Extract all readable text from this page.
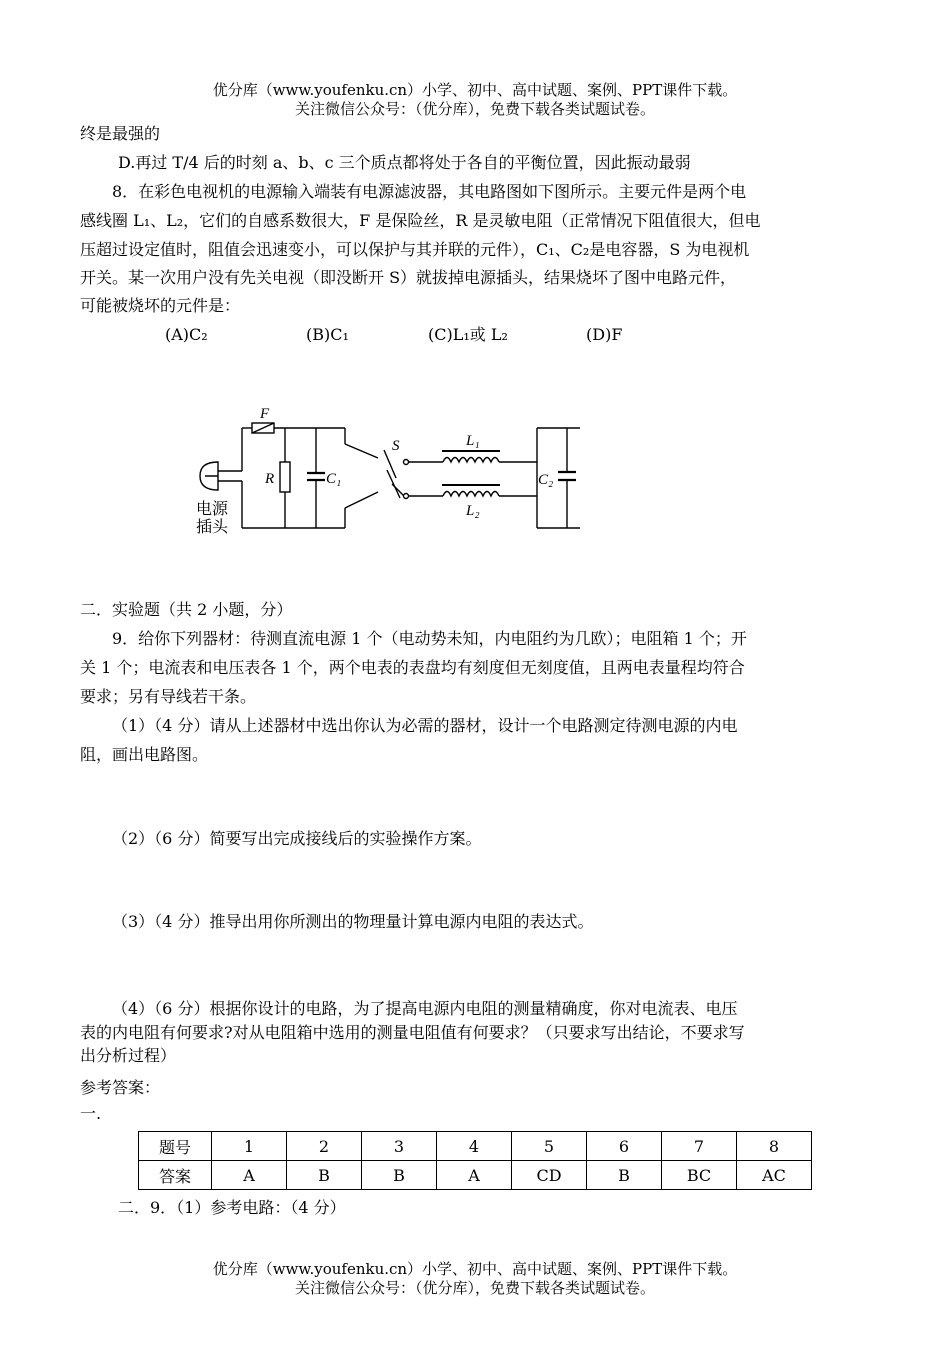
优分库（www.youfenku.cn）小学、初中、高中试题、案例、PPT课件下载。
关注微信公众号：（优分库），免费下载各类试题试卷。
终是最强的
D.再过 T/4 后的时刻 a、b、c 三个质点都将处于各自的平衡位置，因此振动最弱
8．在彩色电视机的电源输入端装有电源滤波器，其电路图如下图所示。主要元件是两个电
感线圈 L₁、L₂，它们的自感系数很大，F 是保险丝，R 是灵敏电阻（正常情况下阻值很大，但电
压超过设定值时，阻值会迅速变小，可以保护与其并联的元件），C₁、C₂是电容器，S 为电视机
开关。某一次用户没有先关电视（即没断开 S）就拔掉电源插头，结果烧坏了图中电路元件，
可能被烧坏的元件是：
(A)C₂	(B)C₁	(C)L₁或 L₂	(D)F
F
R	C₁
S	L₁
L₂
C₂
电源
插头
二．实验题（共 2 小题，分）
9．给你下列器材：待测直流电源 1 个（电动势未知，内电阻约为几欧）；电阻箱 1 个；开
关 1 个；电流表和电压表各 1 个，两个电表的表盘均有刻度但无刻度值，且两电表量程均符合
要求；另有导线若干条。
（1）（4 分）请从上述器材中选出你认为必需的器材，设计一个电路测定待测电源的内电
阻，画出电路图。
（2）（6 分）简要写出完成接线后的实验操作方案。
（3）（4 分）推导出用你所测出的物理量计算电源内电阻的表达式。
（4）（6 分）根据你设计的电路，为了提高电源内电阻的测量精确度，你对电流表、电压
表的内电阻有何要求?对从电阻箱中选用的测量电阻值有何要求？（只要求写出结论，不要求写
出分析过程）
参考答案：
一.
题号	1	2	3	4	5	6	7	8
答案	A	B	B	A	CD	B	BC	AC
二．9．（1）参考电路：（4 分）
优分库（www.youfenku.cn）小学、初中、高中试题、案例、PPT课件下载。
关注微信公众号：（优分库），免费下载各类试题试卷。
